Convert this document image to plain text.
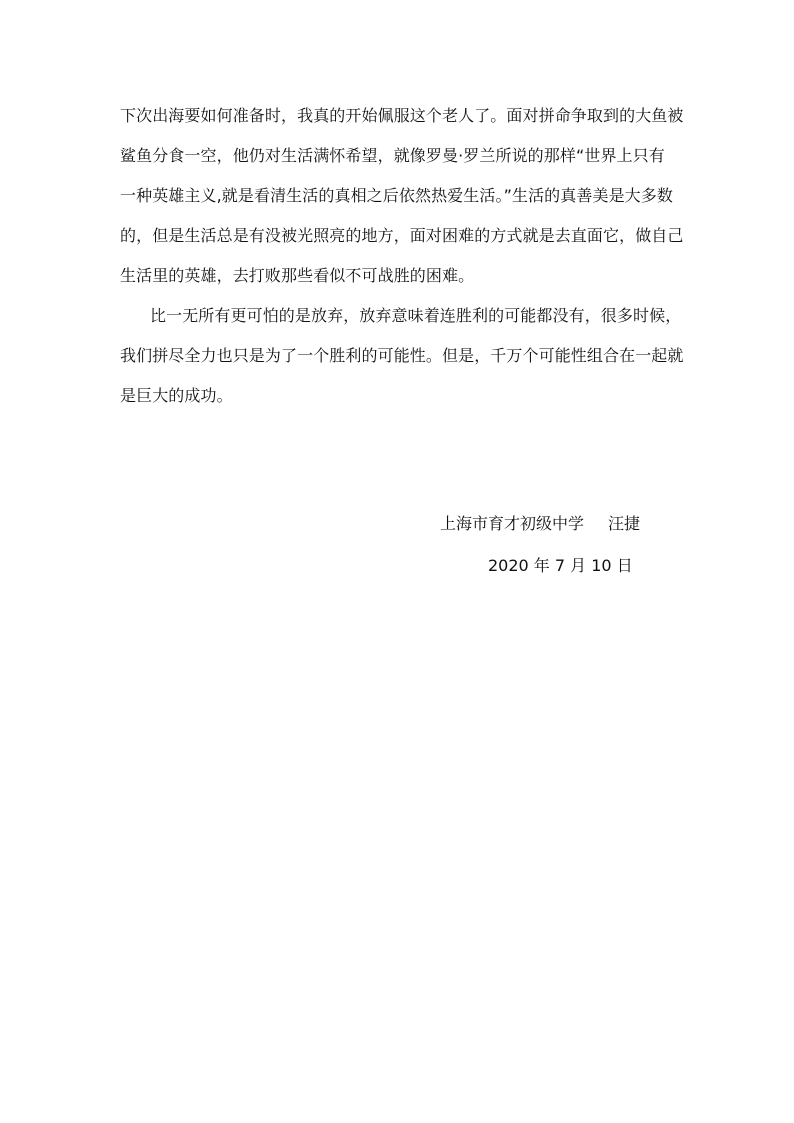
下次出海要如何准备时，我真的开始佩服这个老人了。面对拼命争取到的大鱼被
鲨鱼分食一空，他仍对生活满怀希望，就像罗曼·罗兰所说的那样“世界上只有
一种英雄主义,就是看清生活的真相之后依然热爱生活。”生活的真善美是大多数
的，但是生活总是有没被光照亮的地方，面对困难的方式就是去直面它，做自己
生活里的英雄，去打败那些看似不可战胜的困难。
比一无所有更可怕的是放弃，放弃意味着连胜利的可能都没有，很多时候，
我们拼尽全力也只是为了一个胜利的可能性。但是，千万个可能性组合在一起就
是巨大的成功。
上海市育才初级中学 汪捷
2020 年 7 月 10 日
